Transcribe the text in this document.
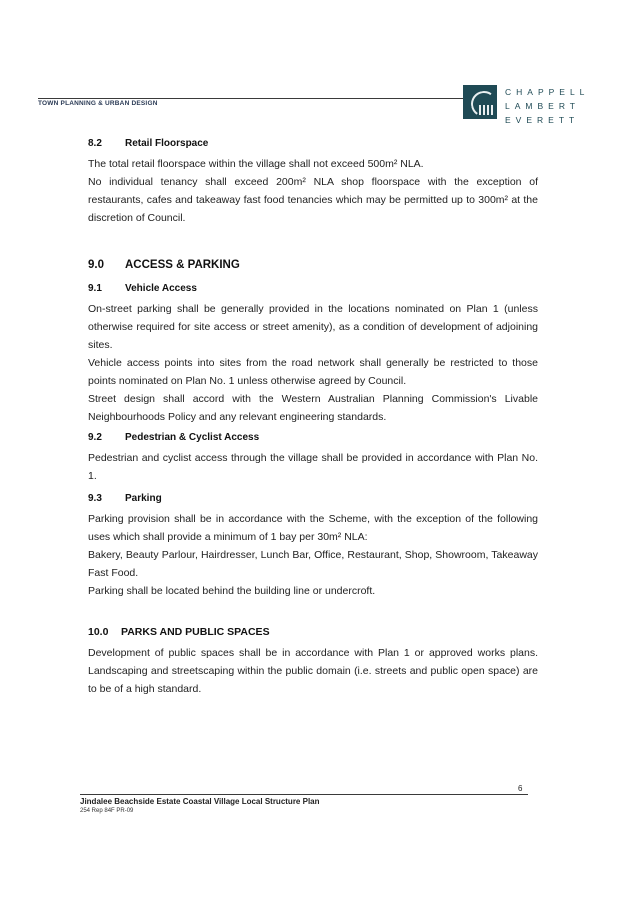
TOWN PLANNING & URBAN DESIGN
CHAPPELL
LAMBERT
EVERETT
8.2	Retail Floorspace

The total retail floorspace within the village shall not exceed 500m² NLA.

No individual tenancy shall exceed 200m² NLA shop floorspace with the exception of restaurants, cafes and takeaway fast food tenancies which may be permitted up to 300m² at the discretion of Council.

9.0	ACCESS & PARKING
9.1	Vehicle Access

On-street parking shall be generally provided in the locations nominated on Plan 1 (unless otherwise required for site access or street amenity), as a condition of development of adjoining sites.

Vehicle access points into sites from the road network shall generally be restricted to those points nominated on Plan No. 1 unless otherwise agreed by Council.

Street design shall accord with the Western Australian Planning Commission's Livable Neighbourhoods Policy and any relevant engineering standards.

9.2	Pedestrian & Cyclist Access

Pedestrian and cyclist access through the village shall be provided in accordance with Plan No. 1.

9.3	Parking

Parking provision shall be in accordance with the Scheme, with the exception of the following uses which shall provide a minimum of 1 bay per 30m² NLA:

Bakery, Beauty Parlour, Hairdresser, Lunch Bar, Office, Restaurant, Shop, Showroom, Takeaway Fast Food.

Parking shall be located behind the building line or undercroft.

10.0	PARKS AND PUBLIC SPACES

Development of public spaces shall be in accordance with Plan 1 or approved works plans. Landscaping and streetscaping within the public domain (i.e. streets and public open space) are to be of a high standard.

6
Jindalee Beachside Estate Coastal Village Local Structure Plan
254 Rep 84F PR-09
